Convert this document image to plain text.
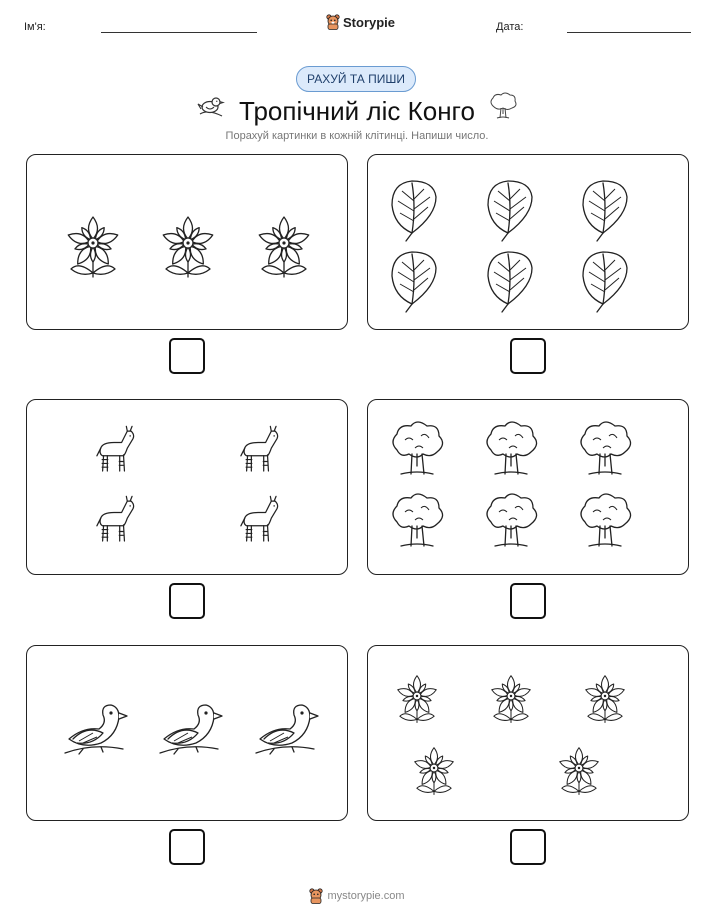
Ім'я:	Storypie	Дата:
РАХУЙ ТА ПИШИ
Тропічний ліс Конго
Порахуй картинки в кожній клітинці. Напиши число.
mystorypie.com
